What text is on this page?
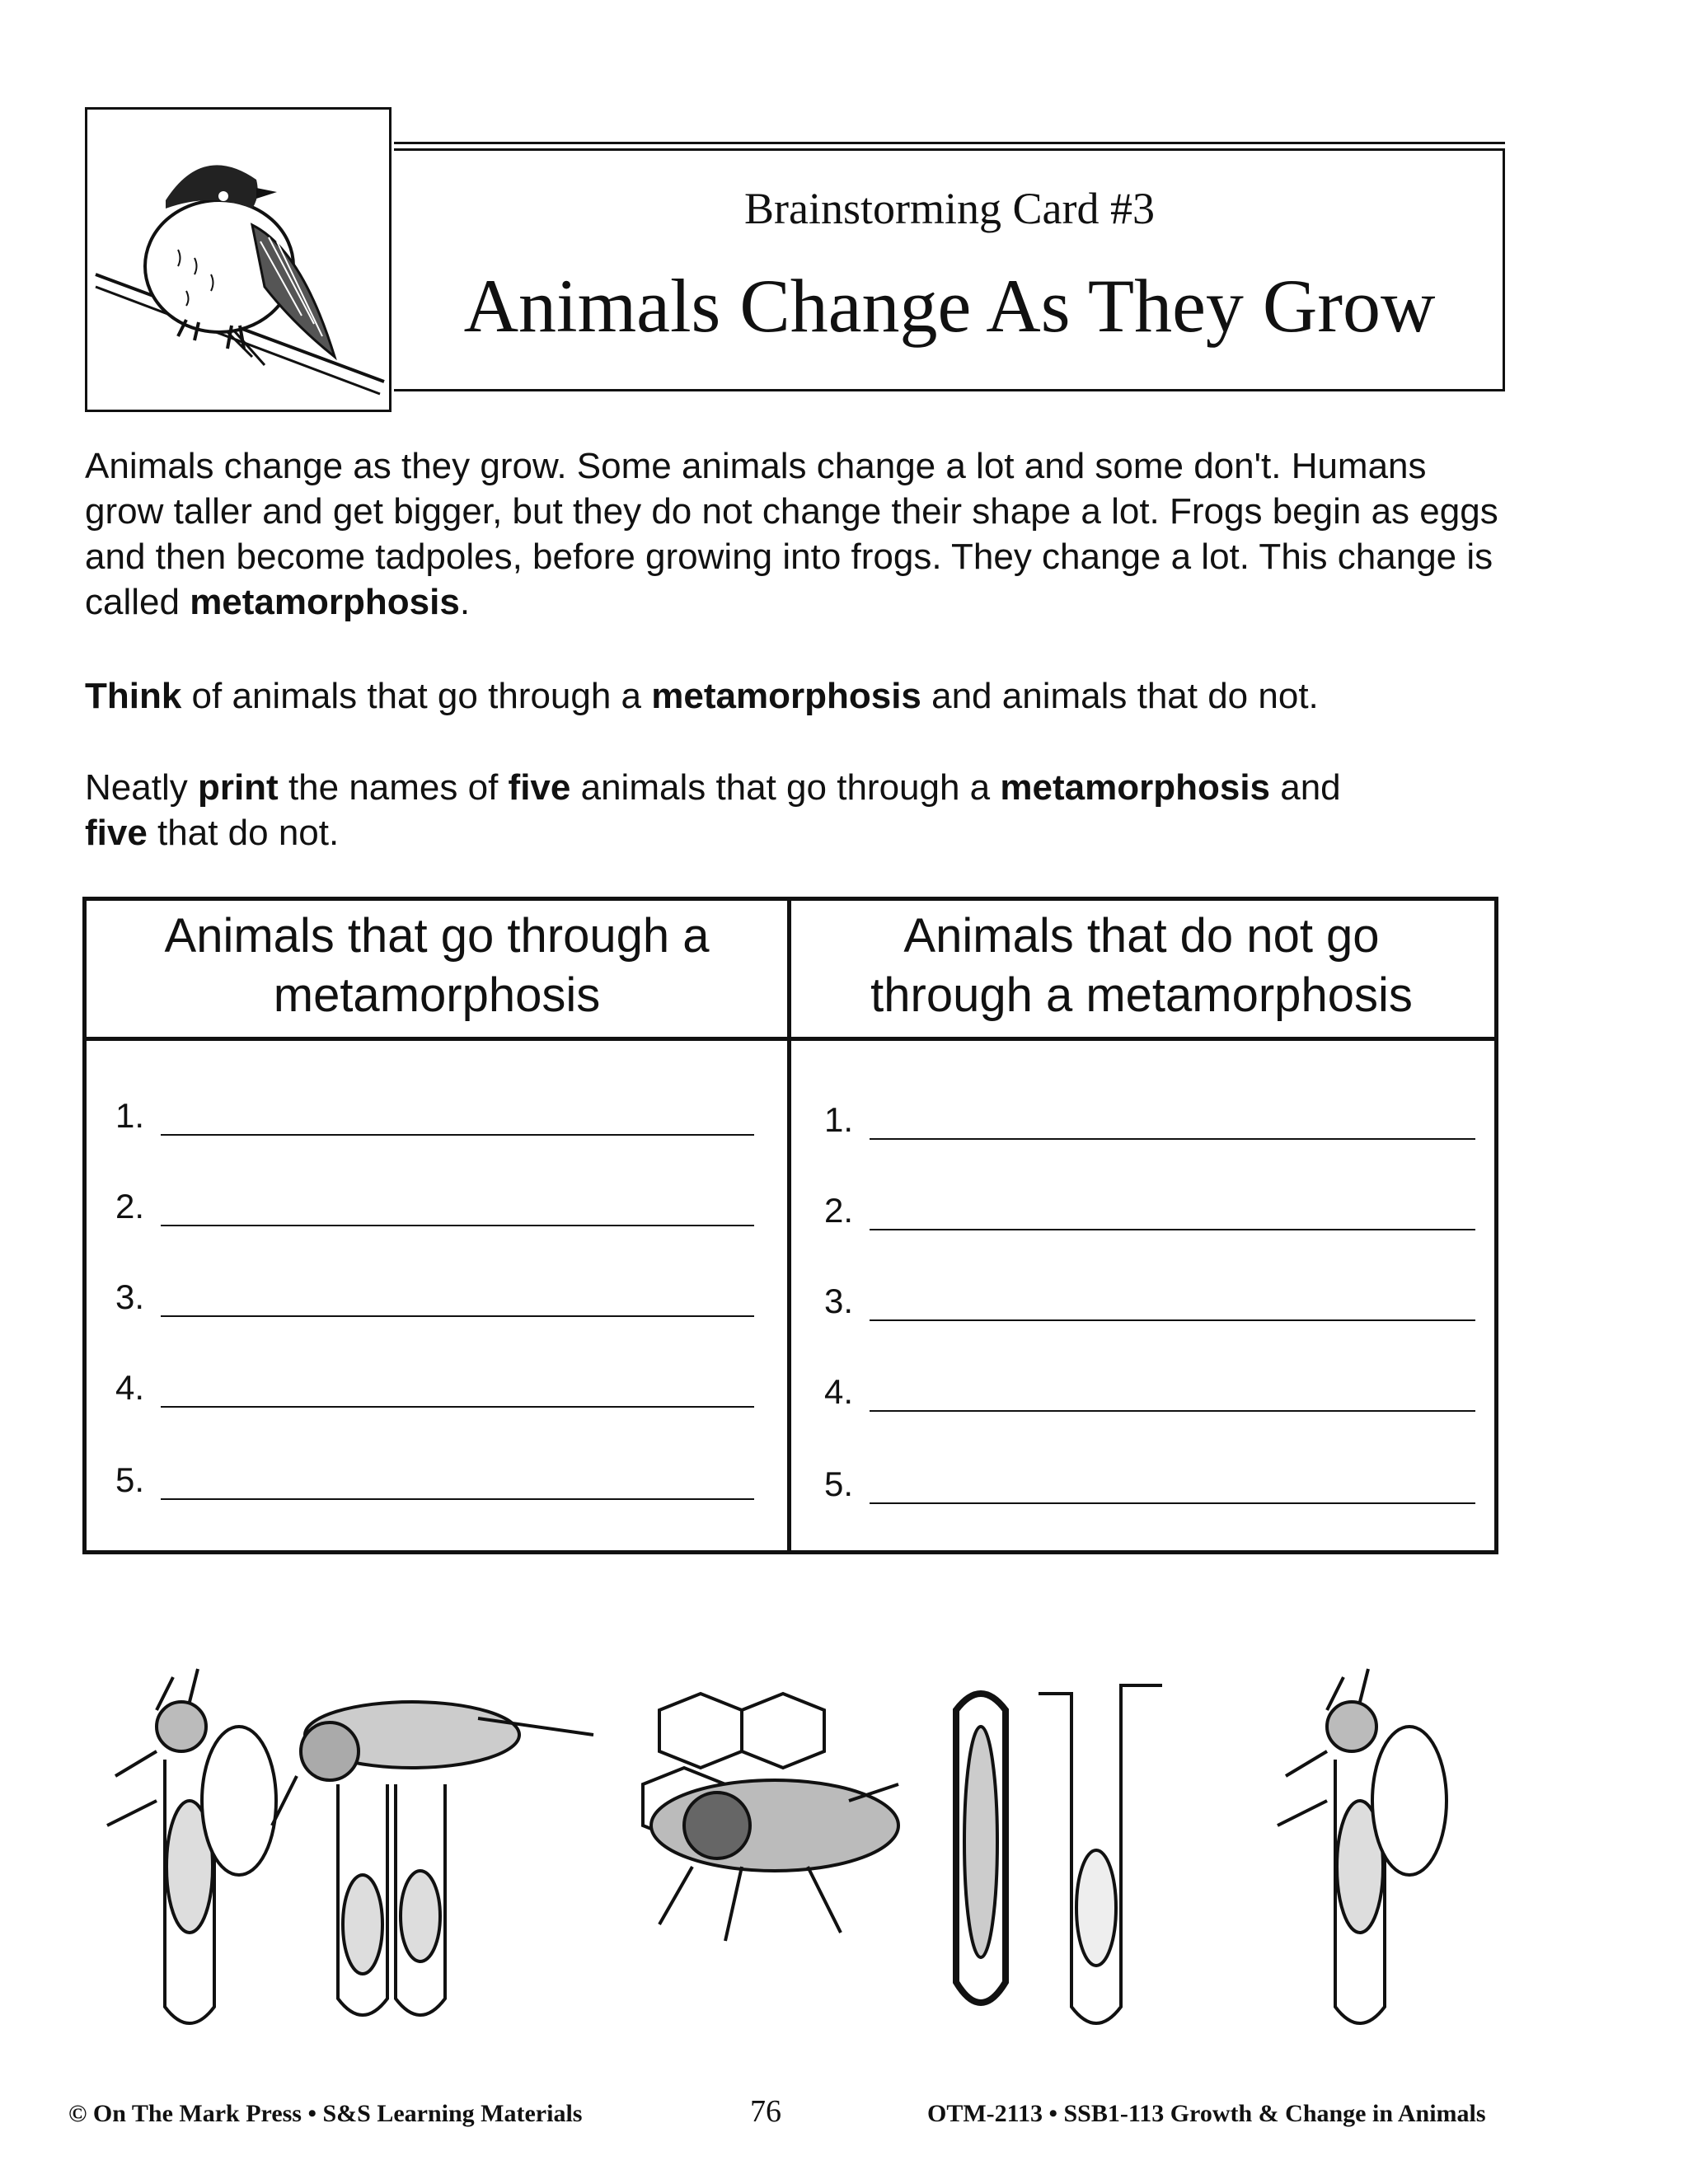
Brainstorming Card #3
Animals Change As They Grow
Animals change as they grow. Some animals change a lot and some don't. Humans grow taller and get bigger, but they do not change their shape a lot. Frogs begin as eggs and then become tadpoles, before growing into frogs. They change a lot. This change is called metamorphosis.
Think of animals that go through a metamorphosis and animals that do not.
Neatly print the names of five animals that go through a metamorphosis and
five that do not.
Animals that go through a
metamorphosis
Animals that do not go
through a metamorphosis
1.
2.
3.
4.
5.
1.
2.
3.
4.
5.
© On The Mark Press • S&S Learning Materials	76	OTM-2113 • SSB1-113 Growth & Change in Animals
